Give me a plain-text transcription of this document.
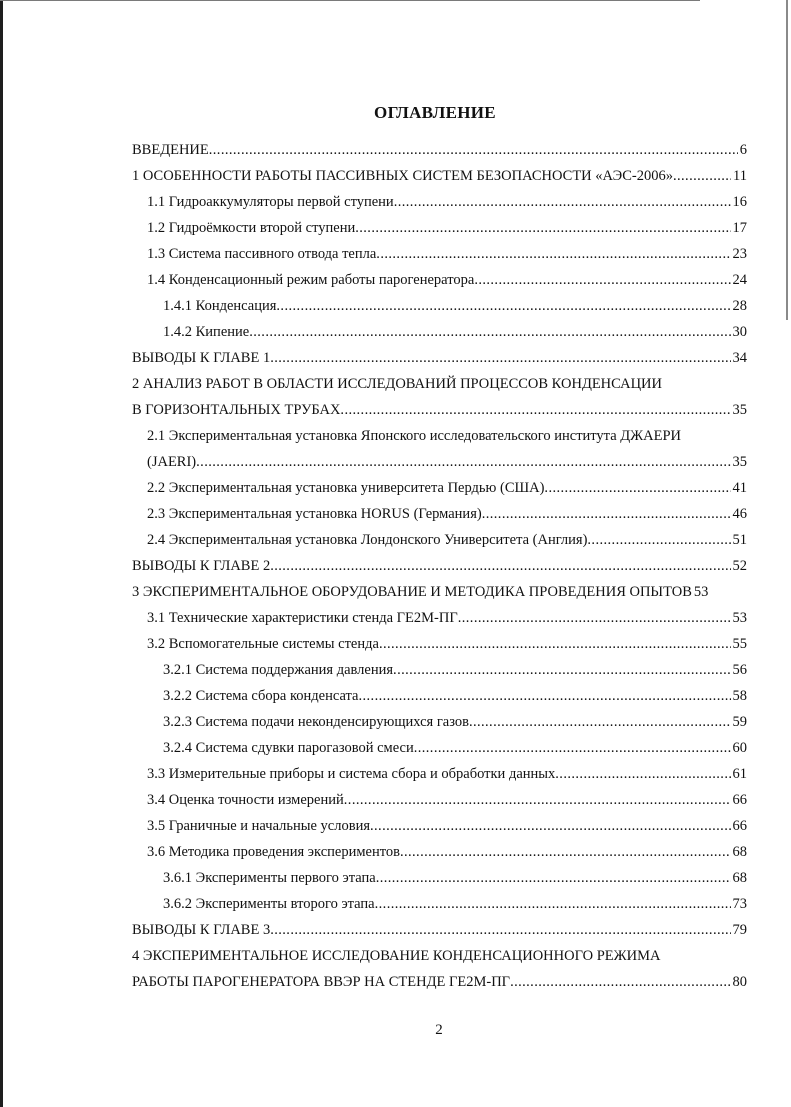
ОГЛАВЛЕНИЕ
ВВЕДЕНИЕ .....	6
1 ОСОБЕННОСТИ РАБОТЫ ПАССИВНЫХ СИСТЕМ БЕЗОПАСНОСТИ «АЭС-2006» .....	11
1.1 Гидроаккумуляторы первой ступени .....	16
1.2 Гидроёмкости второй ступени .....	17
1.3 Система пассивного отвода тепла .....	23
1.4 Конденсационный режим работы парогенератора .....	24
1.4.1 Конденсация .....	28
1.4.2 Кипение .....	30
ВЫВОДЫ К ГЛАВЕ 1 .....	34
2 АНАЛИЗ РАБОТ В ОБЛАСТИ ИССЛЕДОВАНИЙ ПРОЦЕССОВ КОНДЕНСАЦИИ
В ГОРИЗОНТАЛЬНЫХ ТРУБАХ .....	35
2.1 Экспериментальная установка Японского исследовательского института ДЖАЕРИ
(JAERI) .....	35
2.2 Экспериментальная установка университета Пердью (США) .....	41
2.3 Экспериментальная установка HORUS (Германия) .....	46
2.4 Экспериментальная установка Лондонского Университета (Англия) .....	51
ВЫВОДЫ К ГЛАВЕ 2 .....	52
3 ЭКСПЕРИМЕНТАЛЬНОЕ ОБОРУДОВАНИЕ И МЕТОДИКА ПРОВЕДЕНИЯ ОПЫТОВ 53
3.1 Технические характеристики стенда ГЕ2М-ПГ .....	53
3.2 Вспомогательные системы стенда .....	55
3.2.1 Система поддержания давления .....	56
3.2.2 Система сбора конденсата .....	58
3.2.3 Система подачи неконденсирующихся газов .....	59
3.2.4 Система сдувки парогазовой смеси .....	60
3.3 Измерительные приборы и система сбора и обработки данных .....	61
3.4 Оценка точности измерений .....	66
3.5 Граничные и начальные условия .....	66
3.6 Методика проведения экспериментов .....	68
3.6.1 Эксперименты первого этапа .....	68
3.6.2 Эксперименты второго этапа .....	73
ВЫВОДЫ К ГЛАВЕ 3 .....	79
4 ЭКСПЕРИМЕНТАЛЬНОЕ ИССЛЕДОВАНИЕ КОНДЕНСАЦИОННОГО РЕЖИМА
РАБОТЫ ПАРОГЕНЕРАТОРА ВВЭР НА СТЕНДЕ ГЕ2М-ПГ .....	80
2
